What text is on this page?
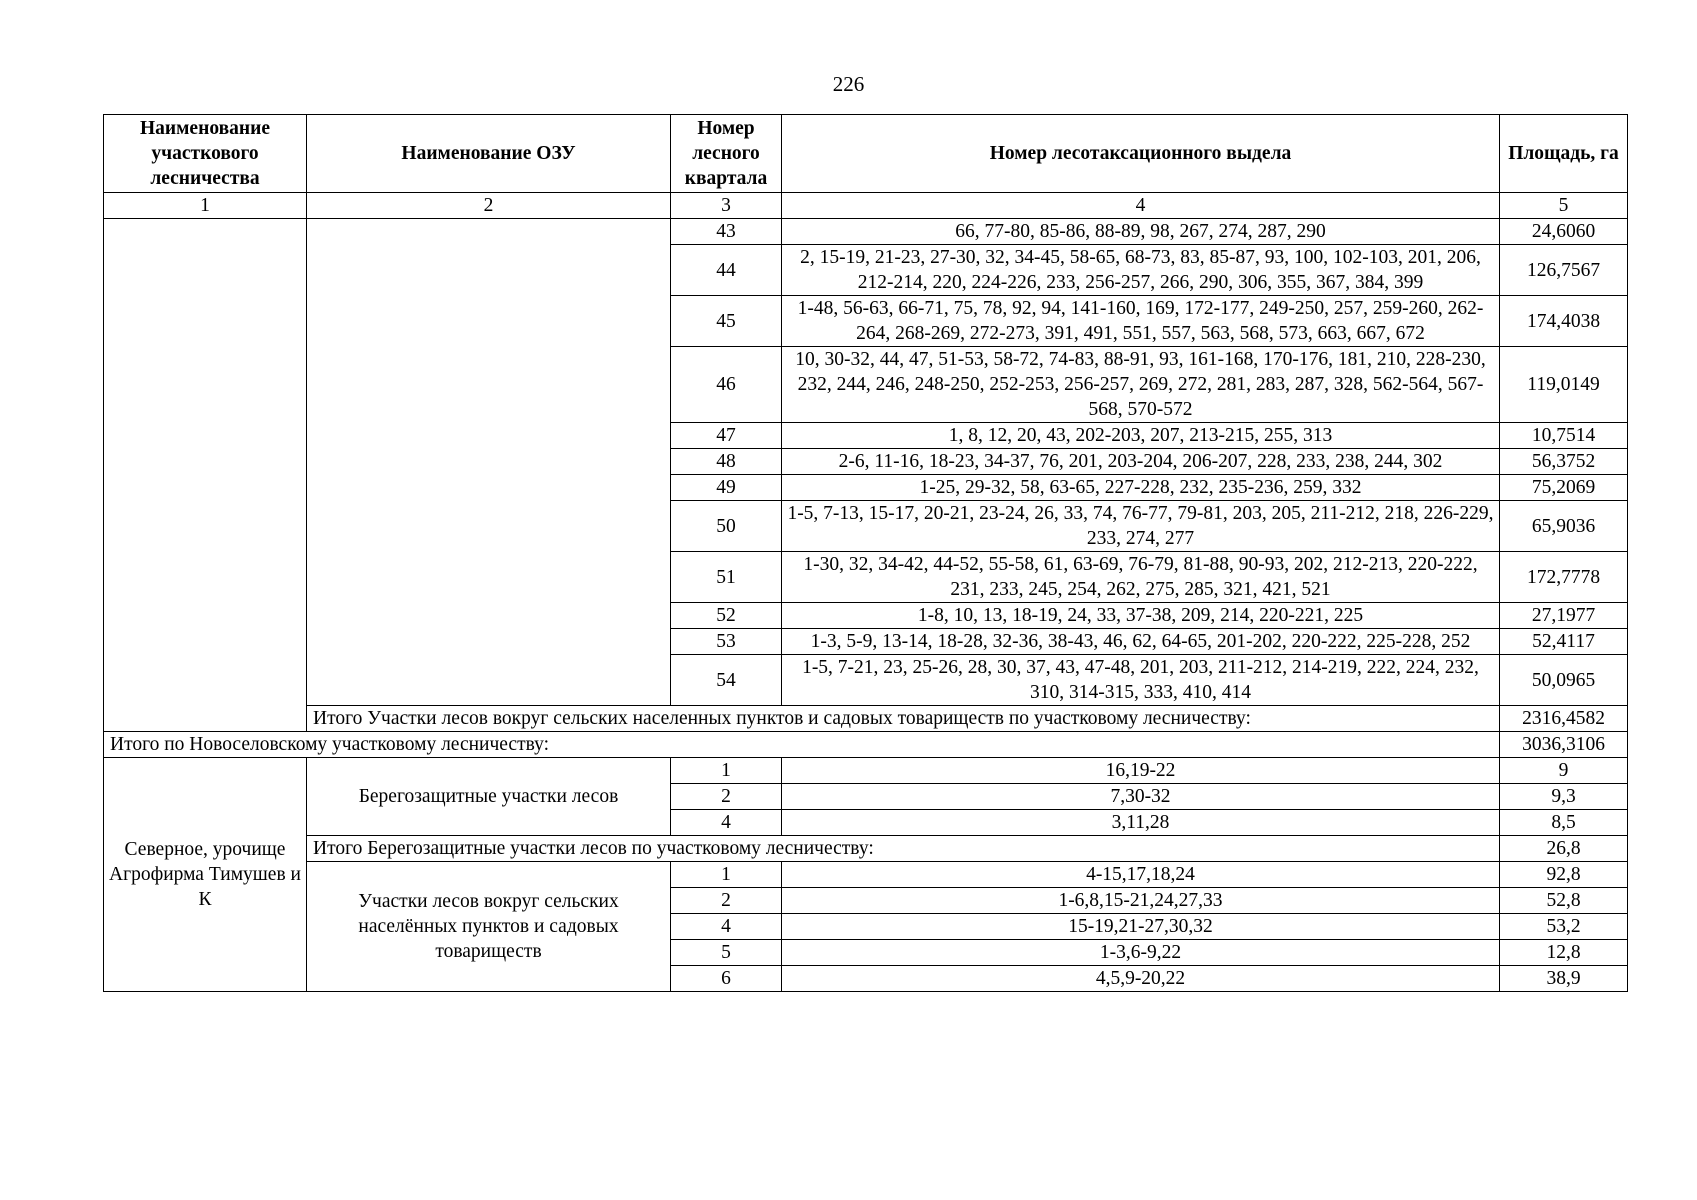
226
Наименование участкового лесничества	Наименование ОЗУ	Номер лесного квартала	Номер лесотаксационного выдела	Площадь, га
1	2	3	4	5
		43	66, 77-80, 85-86, 88-89, 98, 267, 274, 287, 290	24,6060
		44	2, 15-19, 21-23, 27-30, 32, 34-45, 58-65, 68-73, 83, 85-87, 93, 100, 102-103, 201, 206, 212-214, 220, 224-226, 233, 256-257, 266, 290, 306, 355, 367, 384, 399	126,7567
		45	1-48, 56-63, 66-71, 75, 78, 92, 94, 141-160, 169, 172-177, 249-250, 257, 259-260, 262-264, 268-269, 272-273, 391, 491, 551, 557, 563, 568, 573, 663, 667, 672	174,4038
		46	10, 30-32, 44, 47, 51-53, 58-72, 74-83, 88-91, 93, 161-168, 170-176, 181, 210, 228-230, 232, 244, 246, 248-250, 252-253, 256-257, 269, 272, 281, 283, 287, 328, 562-564, 567-568, 570-572	119,0149
		47	1, 8, 12, 20, 43, 202-203, 207, 213-215, 255, 313	10,7514
		48	2-6, 11-16, 18-23, 34-37, 76, 201, 203-204, 206-207, 228, 233, 238, 244, 302	56,3752
		49	1-25, 29-32, 58, 63-65, 227-228, 232, 235-236, 259, 332	75,2069
		50	1-5, 7-13, 15-17, 20-21, 23-24, 26, 33, 74, 76-77, 79-81, 203, 205, 211-212, 218, 226-229, 233, 274, 277	65,9036
		51	1-30, 32, 34-42, 44-52, 55-58, 61, 63-69, 76-79, 81-88, 90-93, 202, 212-213, 220-222, 231, 233, 245, 254, 262, 275, 285, 321, 421, 521	172,7778
		52	1-8, 10, 13, 18-19, 24, 33, 37-38, 209, 214, 220-221, 225	27,1977
		53	1-3, 5-9, 13-14, 18-28, 32-36, 38-43, 46, 62, 64-65, 201-202, 220-222, 225-228, 252	52,4117
		54	1-5, 7-21, 23, 25-26, 28, 30, 37, 43, 47-48, 201, 203, 211-212, 214-219, 222, 224, 232, 310, 314-315, 333, 410, 414	50,0965
	Итого Участки лесов вокруг сельских населенных пунктов и садовых товариществ по участковому лесничеству:			2316,4582
Итого по Новоселовскому участковому лесничеству:				3036,3106
Северное, урочище Агрофирма Тимушев и К	Берегозащитные участки лесов	1	16,19-22	9
		2	7,30-32	9,3
		4	3,11,28	8,5
	Итого Берегозащитные участки лесов по участковому лесничеству:			26,8
	Участки лесов вокруг сельских населённых пунктов и садовых товариществ	1	4-15,17,18,24	92,8
		2	1-6,8,15-21,24,27,33	52,8
		4	15-19,21-27,30,32	53,2
		5	1-3,6-9,22	12,8
		6	4,5,9-20,22	38,9
